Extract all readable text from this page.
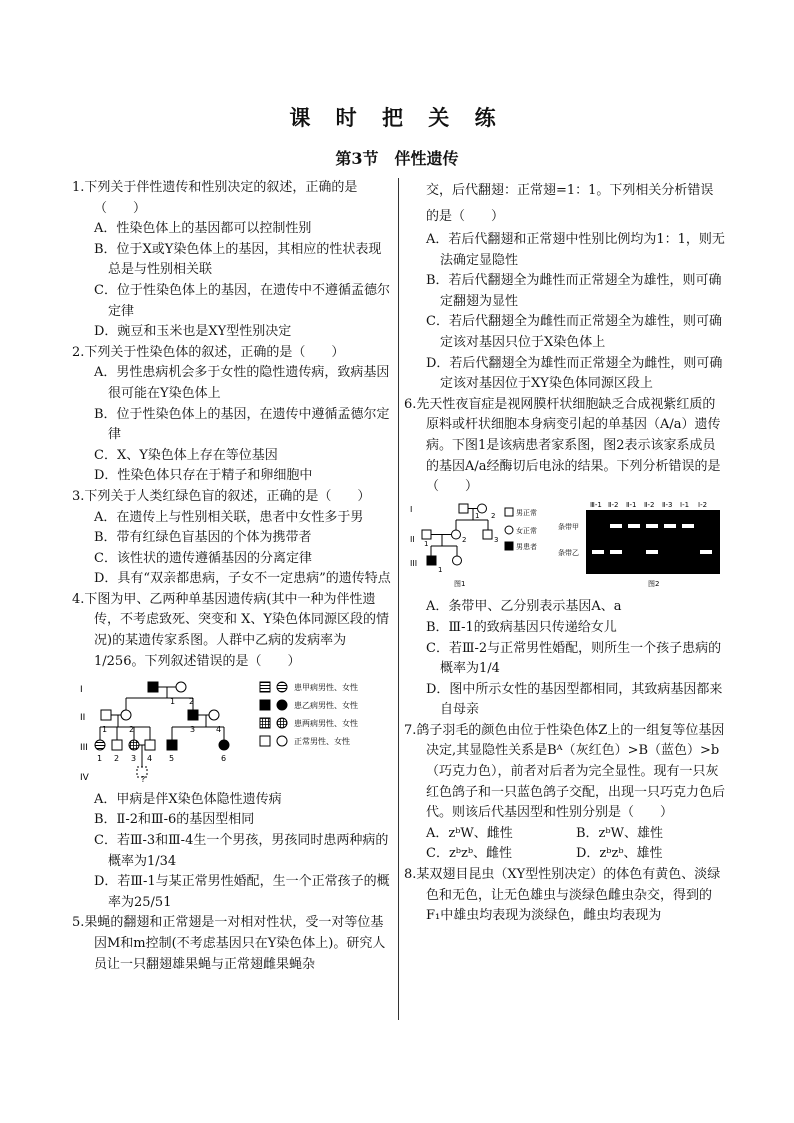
课 时 把 关 练
第3节　伴性遗传
1.下列关于伴性遗传和性别决定的叙述，正确的是（　　）
A．性染色体上的基因都可以控制性别
B．位于X或Y染色体上的基因，其相应的性状表现总是与性别相关联
C．位于性染色体上的基因，在遗传中不遵循孟德尔定律
D．豌豆和玉米也是XY型性别决定
2.下列关于性染色体的叙述，正确的是（　　）
A．男性患病机会多于女性的隐性遗传病，致病基因很可能在Y染色体上
B．位于性染色体上的基因，在遗传中遵循孟德尔定律
C．X、Y染色体上存在等位基因
D．性染色体只存在于精子和卵细胞中
3.下列关于人类红绿色盲的叙述，正确的是（　　）
A．在遗传上与性别相关联，患者中女性多于男
B．带有红绿色盲基因的个体为携带者
C．该性状的遗传遵循基因的分离定律
D．具有“双亲都患病，子女不一定患病”的遗传特点
4.下图为甲、乙两种单基因遗传病(其中一种为伴性遗传，不考虑致死、突变和 X、Y染色体同源区段的情况)的某遗传家系图。人群中乙病的发病率为1/256。下列叙述错误的是（　　）
I
II
III
IV
1 2
1	2	3	4
1 2 3 4 5	6
?
患甲病男性、女性
患乙病男性、女性
患两病男性、女性
正常男性、女性
A．甲病是伴X染色体隐性遗传病
B．Ⅱ-2和Ⅲ-6的基因型相同
C．若Ⅲ-3和Ⅲ-4生一个男孩，男孩同时患两种病的概率为1/34
D．若Ⅲ-1与某正常男性婚配，生一个正常孩子的概率为25/51
5.果蝇的翻翅和正常翅是一对相对性状，受一对等位基因M和m控制(不考虑基因只在Y染色体上)。研究人员让一只翻翅雄果蝇与正常翅雌果蝇杂
交，后代翻翅：正常翅=1：1。下列相关分析错误的是（　　）
A．若后代翻翅和正常翅中性别比例均为1：1，则无法确定显隐性
B．若后代翻翅全为雌性而正常翅全为雄性，则可确定翻翅为显性
C．若后代翻翅全为雌性而正常翅全为雄性，则可确定该对基因只位于X染色体上
D．若后代翻翅全为雄性而正常翅全为雌性，则可确定该对基因位于XY染色体同源区段上
6.先天性夜盲症是视网膜杆状细胞缺乏合成视紫红质的原料或杆状细胞本身病变引起的单基因（A/a）遗传病。下图1是该病患者家系图，图2表示该家系成员的基因A/a经酶切后电泳的结果。下列分析错误的是（　　）
I
II
III
1 2
1	2	3
1
男正常
女正常
男患者
图1
Ⅲ-1 Ⅱ-2 Ⅱ-1 Ⅱ-2 Ⅱ-3 Ⅰ-1 Ⅰ-2
条带甲
条带乙
图2
A．条带甲、乙分别表示基因A、a
B．Ⅲ-1的致病基因只传递给女儿
C．若Ⅲ-2与正常男性婚配，则所生一个孩子患病的概率为1/4
D．图中所示女性的基因型都相同，其致病基因都来自母亲
7.鸽子羽毛的颜色由位于性染色体Z上的一组复等位基因决定,其显隐性关系是Bᴬ（灰红色）>B（蓝色）>b（巧克力色），前者对后者为完全显性。现有一只灰红色鸽子和一只蓝色鸽子交配，出现一只巧克力色后代。则该后代基因型和性别分别是（　　）
A．zᵇW、雌性	B．zᵇW、雄性
C．zᵇzᵇ、雌性	D．zᵇzᵇ、雄性
8.某双翅目昆虫（XY型性别决定）的体色有黄色、淡绿色和无色，让无色雄虫与淡绿色雌虫杂交，得到的F₁中雄虫均表现为淡绿色，雌虫均表现为
